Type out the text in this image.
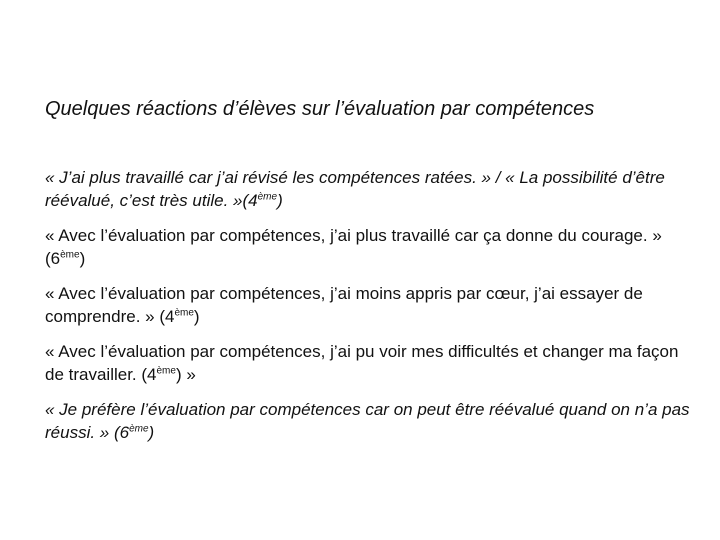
Quelques réactions d’élèves sur l’évaluation par compétences
« J’ai plus travaillé car j’ai révisé les compétences ratées. » / « La possibilité d’être réévalué, c’est très utile. »(4ème)
« Avec l’évaluation par compétences, j’ai plus travaillé car ça donne du courage. » (6ème)
« Avec l’évaluation par compétences, j’ai moins appris par cœur, j’ai essayer de comprendre. » (4ème)
« Avec l’évaluation par compétences, j’ai pu voir mes difficultés et changer ma façon de travailler. (4ème) »
« Je préfère l’évaluation par compétences car on peut être réévalué quand on n’a pas réussi. » (6ème)
